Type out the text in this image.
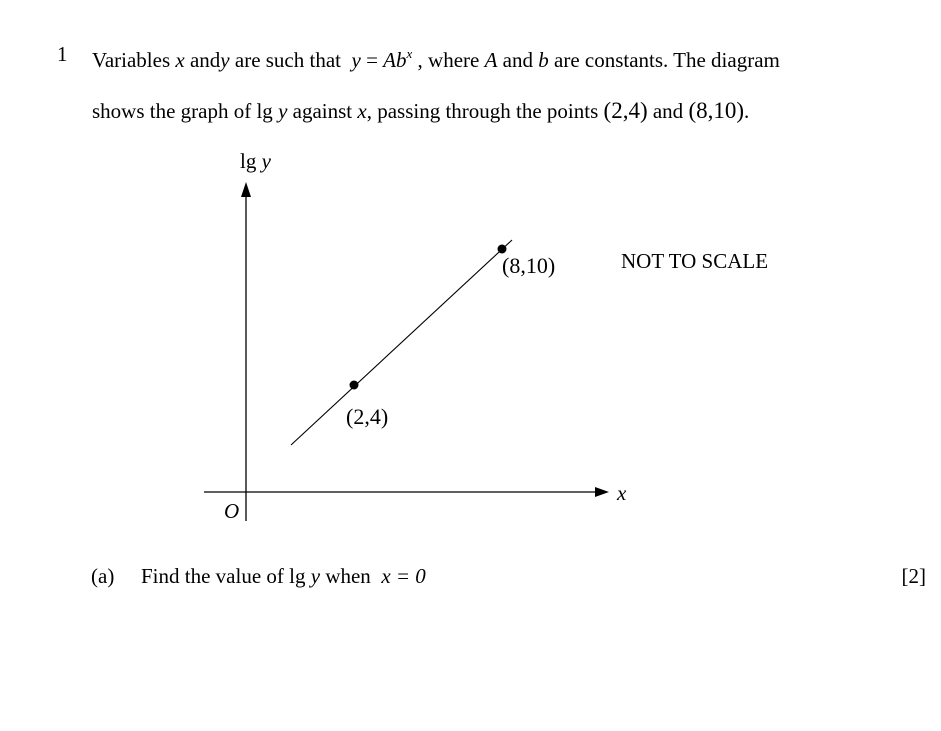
1 Variables x andy are such that $y = Ab^x$ , where A and b are constants. The diagram
shows the graph of lg y against x, passing through the points (2,4) and (8,10).
lg y
x
O
(2,4)
(8,10)	NOT TO SCALE
(a) Find the value of lg y when x = 0	[2]
